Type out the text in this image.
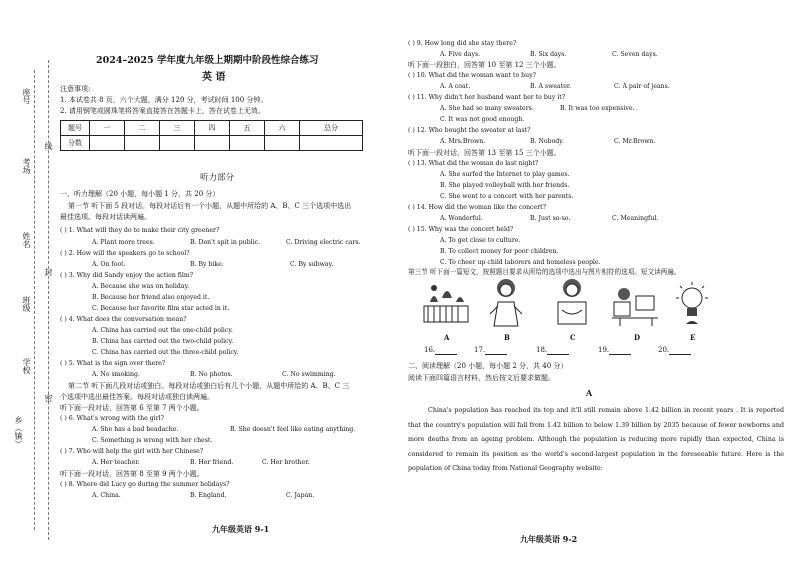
座号
考场
姓名
班级
学校
乡（镇）
线
封
密
2024–2025 学年度九年级上期期中阶段性综合练习
英 语
注意事项:
1. 本试卷共 8 页，六个大题，满分 120 分，考试时间 100 分钟。
2. 请用钢笔或圆珠笔将答案直接答在答题卡上，答在试卷上无效。
题号	一	二	三	四	五	六	总分
分数							
听力部分
一、听力理解（20 小题，每小题 1 分，共 20 分）
第一节 听下面 5 段对话。每段对话后有一个小题，从题中所给的 A、B、C 三个选项中选出
最佳选项。每段对话读两遍。
( ) 1. What will they do to make their city greener?
A. Plant more trees.	B. Don't spit in public.	C. Driving electric cars.
( ) 2. How will the speakers go to school?
A. On foot.	B. By bike.	C. By subway.
( ) 3. Why did Sandy enjoy the action film?
A. Because she was on holiday.
B. Because her friend also enjoyed it.
C. Because her favorite film star acted in it.
( ) 4. What does the conversation mean?
A. China has carried out the one-child policy.
B. China has carried out the two-child policy.
C. China has carried out the three-child policy.
( ) 5. What is the sign over there?
A. No smoking.	B. No photos.	C. No swimming.
第二节 听下面几段对话或独白。每段对话或独白后有几个小题，从题中所给的 A、B、C 三
个选项中选出最佳答案。每段对话或独白读两遍。
听下面一段对话，回答第 6 至第 7 两个小题。
( ) 6. What's wrong with the girl?
A. She has a bad headache.	B. She doesn't feel like eating anything.
C. Something is wrong with her chest.
( ) 7. Who will help the girl with her Chinese?
A. Her teacher.	B. Her friend.	C. Her brother.
听下面一段对话，回答第 8 至第 9 两个小题。
( ) 8. Where did Lucy go during the summer holidays?
A. China.	B. England.	C. Japan.
九年级英语 9-1
( ) 9. How long did she stay there?
A. Five days.	B. Six days.	C. Seven days.
听下面一段独白，回答第 10 至第 12 三个小题。
( ) 10. What did the woman want to buy?
A. A coat.	B. A sweater.	C. A pair of jeans.
( ) 11. Why didn't her husband want her to buy it?
A. She had so many sweaters.	B. It was too expensive.
C. It was not good enough.
( ) 12. Who bought the sweater at last?
A. Mrs.Brown.	B. Nobody.	C. Mr.Brown.
听下面一段对话，回答第 13 至第 15 三个小题。
( ) 13. What did the woman do last night?
A. She surfed the Internet to play games.
B. She played volleyball with her friends.
C. She went to a concert with her parents.
( ) 14. How did the woman like the concert?
A. Wonderful.	B. Just so-so.	C. Meaningful.
( ) 15. Why was the concert held?
A. To get close to culture.
B. To collect money for poor children.
C. To cheer up child laborers and homeless people.
第三节 听下面一篇短文，按照题目要求从所给的选项中选出与图片相符的选项。短文读两遍。
A	B	C	D	E
16.	17.	18.	19.	20.
二、阅读理解（20 小题，每小题 2 分，共 40 分）
阅读下面四篇语言材料，然后按文后要求做题。
A
China's population has reached its top and it'll still remain above 1.42 billion in recent years . It is reported that the country's population will fall from 1.42 billion to below 1.39 billion by 2035 because of fewer newborns and more deaths from an ageing problem. Although the population is reducing more rapidly than expected, China is considered to remain its position as the world's second-largest population in the foreseeable future. Here is the population of China today from National Geography website:
九年级英语 9-2
